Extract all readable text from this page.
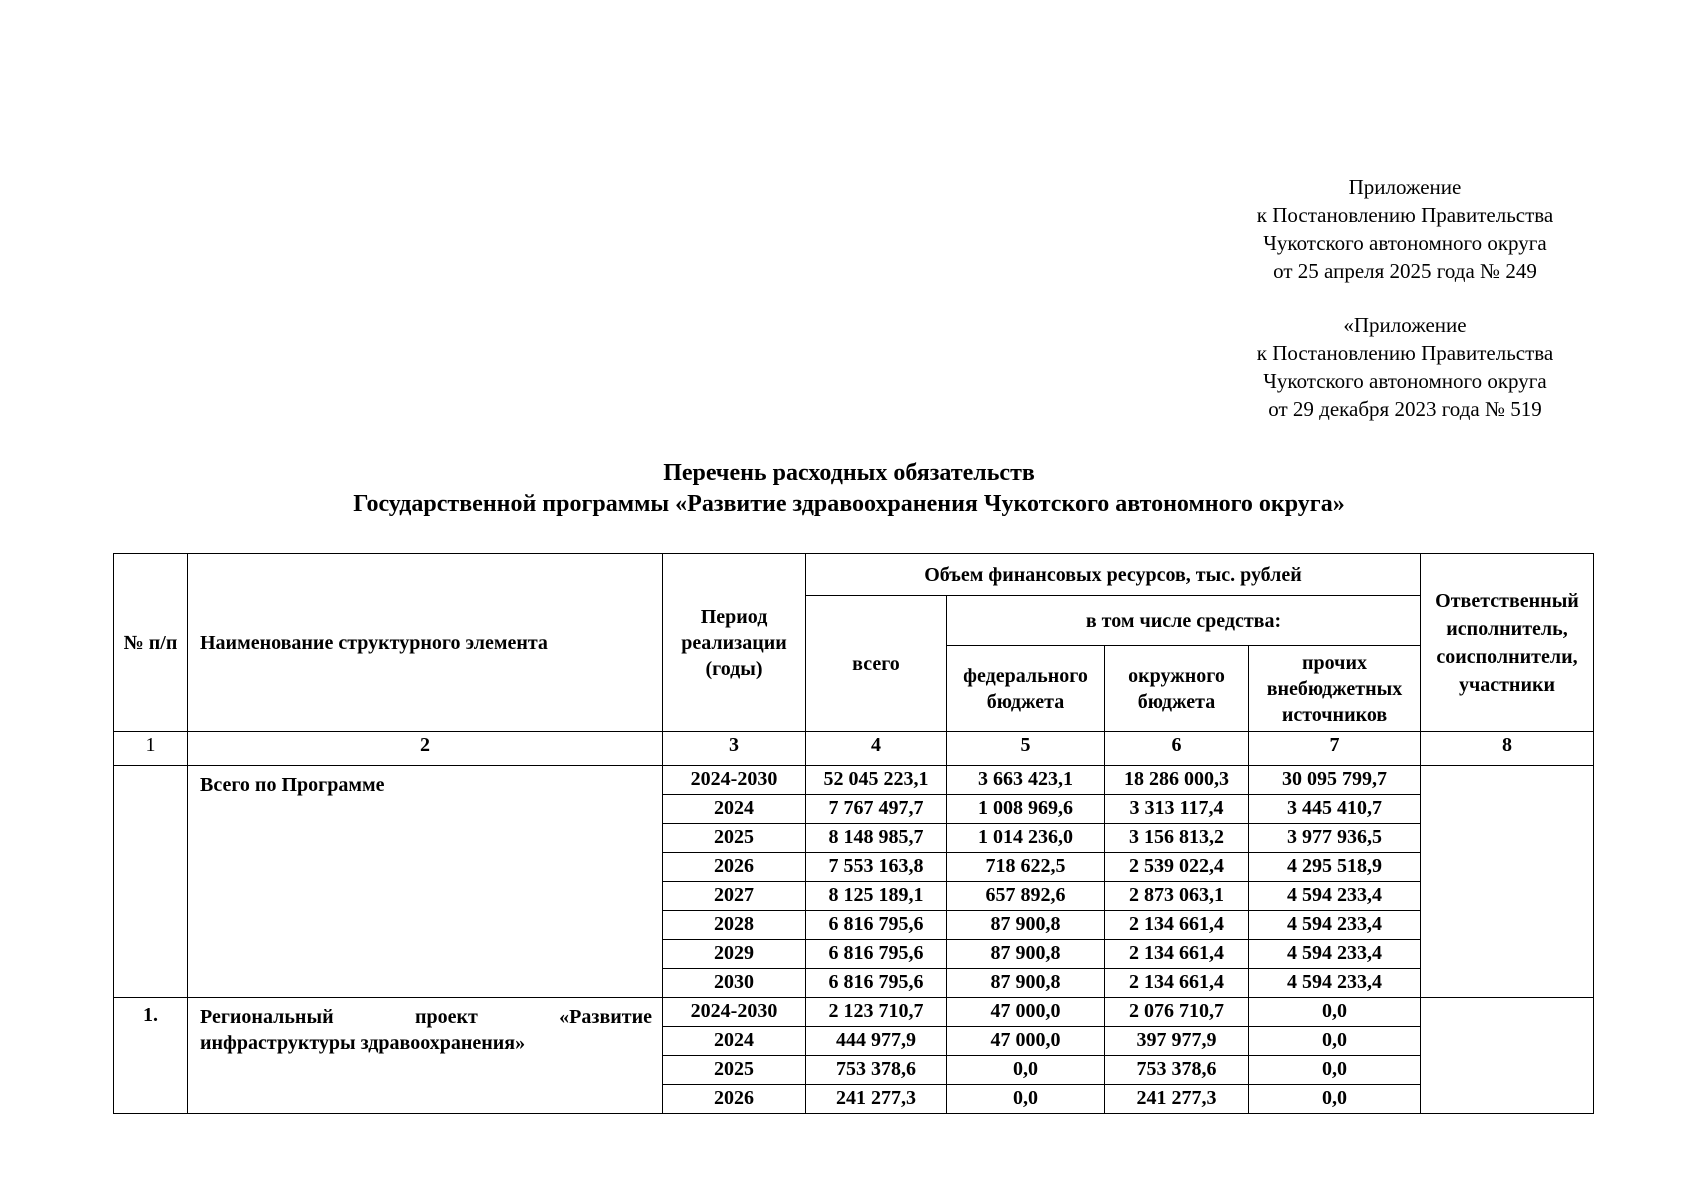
Приложение
к Постановлению Правительства
Чукотского автономного округа
от 25 апреля 2025 года № 249
«Приложение
к Постановлению Правительства
Чукотского автономного округа
от 29 декабря 2023 года № 519
Перечень расходных обязательств
Государственной программы «Развитие здравоохранения Чукотского автономного округа»
№ п/п	Наименование структурного элемента	Период реализации (годы)	Объем финансовых ресурсов, тыс. рублей				Ответственный исполнитель, соисполнители, участники
			всего	в том числе средства:			
				федерального бюджета	окружного бюджета	прочих внебюджетных источников	
1	2	3	4	5	6	7	8
	Всего по Программе	2024-2030	52 045 223,1	3 663 423,1	18 286 000,3	30 095 799,7	
		2024	7 767 497,7	1 008 969,6	3 313 117,4	3 445 410,7	
		2025	8 148 985,7	1 014 236,0	3 156 813,2	3 977 936,5	
		2026	7 553 163,8	718 622,5	2 539 022,4	4 295 518,9	
		2027	8 125 189,1	657 892,6	2 873 063,1	4 594 233,4	
		2028	6 816 795,6	87 900,8	2 134 661,4	4 594 233,4	
		2029	6 816 795,6	87 900,8	2 134 661,4	4 594 233,4	
		2030	6 816 795,6	87 900,8	2 134 661,4	4 594 233,4	
1.	Региональный проект «Развитие инфраструктуры здравоохранения»	2024-2030	2 123 710,7	47 000,0	2 076 710,7	0,0	
		2024	444 977,9	47 000,0	397 977,9	0,0	
		2025	753 378,6	0,0	753 378,6	0,0	
		2026	241 277,3	0,0	241 277,3	0,0	
